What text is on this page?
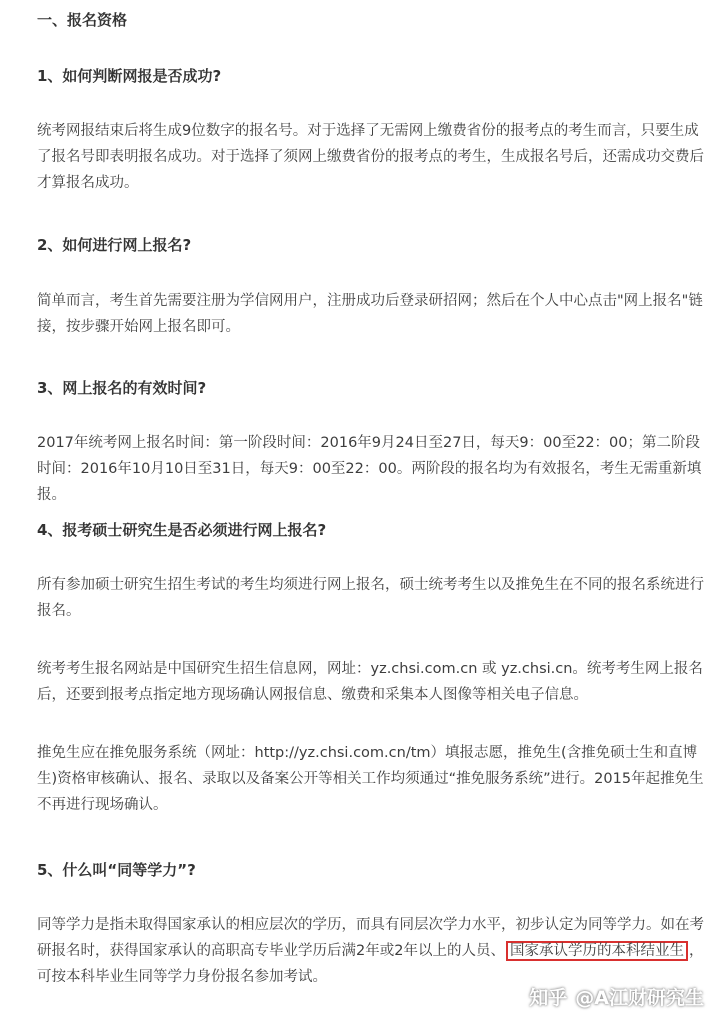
一、报名资格
1、如何判断网报是否成功?
统考网报结束后将生成9位数字的报名号。对于选择了无需网上缴费省份的报考点的考生而言，只要生成了报名号即表明报名成功。对于选择了须网上缴费省份的报考点的考生，生成报名号后，还需成功交费后才算报名成功。
2、如何进行网上报名?
简单而言，考生首先需要注册为学信网用户，注册成功后登录研招网；然后在个人中心点击"网上报名"链接，按步骤开始网上报名即可。
3、网上报名的有效时间?
2017年统考网上报名时间：第一阶段时间：2016年9月24日至27日，每天9：00至22：00；第二阶段时间：2016年10月10日至31日，每天9：00至22：00。两阶段的报名均为有效报名，考生无需重新填报。
4、报考硕士研究生是否必须进行网上报名?
所有参加硕士研究生招生考试的考生均须进行网上报名，硕士统考考生以及推免生在不同的报名系统进行报名。
统考考生报名网站是中国研究生招生信息网，网址：yz.chsi.com.cn 或 yz.chsi.cn。统考考生网上报名后，还要到报考点指定地方现场确认网报信息、缴费和采集本人图像等相关电子信息。
推免生应在推免服务系统（网址：http://yz.chsi.com.cn/tm）填报志愿，推免生(含推免硕士生和直博生)资格审核确认、报名、录取以及备案公开等相关工作均须通过“推免服务系统”进行。2015年起推免生不再进行现场确认。
5、什么叫“同等学力”?
同等学力是指未取得国家承认的相应层次的学历，而具有同层次学力水平，初步认定为同等学力。如在考研报名时，获得国家承认的高职高专毕业学历后满2年或2年以上的人员、 国家承认学历的本科结业生 ，可按本科毕业生同等学力身份报名参加考试。
知乎 @A江财研究生
